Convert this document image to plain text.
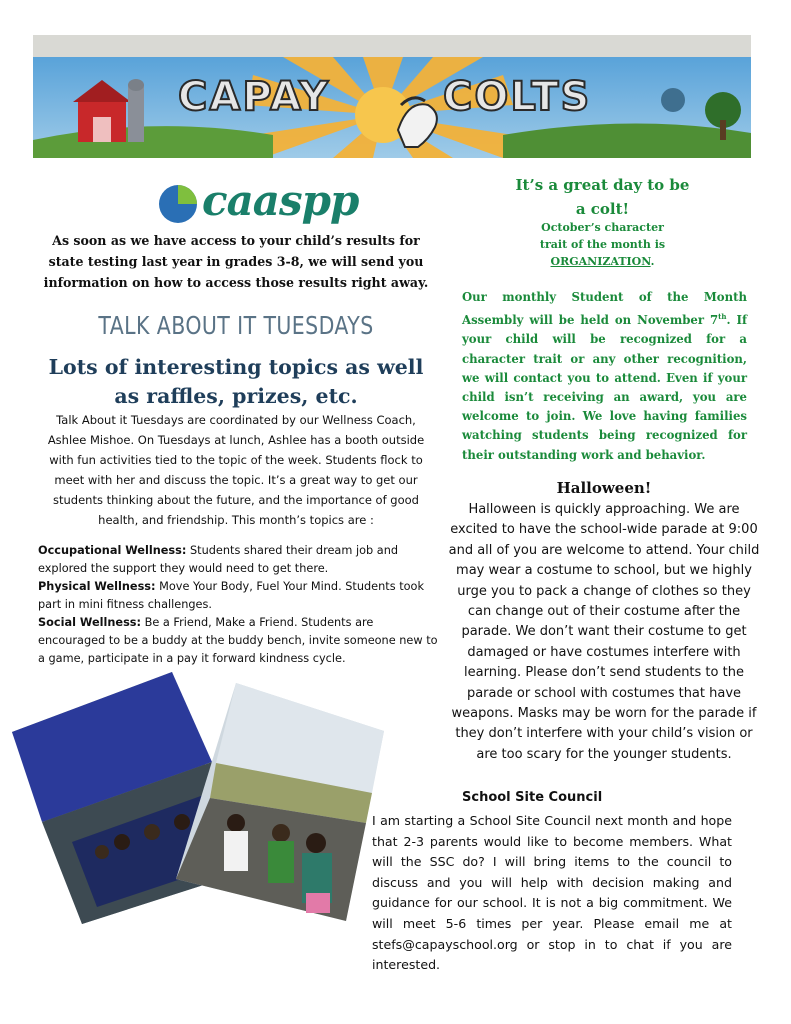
CAPAY	COLTS
caaspp
As soon as we have access to your child’s results for state testing last year in grades 3-8, we will send you information on how to access those results right away.
TALK ABOUT IT TUESDAYS
Lots of interesting topics as well as raffles, prizes, etc.
Talk About it Tuesdays are coordinated by our Wellness Coach, Ashlee Mishoe. On Tuesdays at lunch, Ashlee has a booth outside with fun activities tied to the topic of the week. Students flock to meet with her and discuss the topic. It’s a great way to get our students thinking about the future, and the importance of good health, and friendship. This month’s topics are :

Occupational Wellness: Students shared their dream job and explored the support they would need to get there.

Physical Wellness: Move Your Body, Fuel Your Mind. Students took part in mini fitness challenges.

Social Wellness: Be a Friend, Make a Friend. Students are encouraged to be a buddy at the buddy bench, invite someone new to a game, participate in a pay it forward kindness cycle.

It’s a great day to be
a colt!
October’s character
trait of the month is
ORGANIZATION.
Our monthly Student of the Month Assembly will be held on November 7th. If your child will be recognized for a character trait or any other recognition, we will contact you to attend. Even if your child isn’t receiving an award, you are welcome to join. We love having families watching students being recognized for their outstanding work and behavior.
Halloween!
Halloween is quickly approaching. We are excited to have the school-wide parade at 9:00 and all of you are welcome to attend. Your child may wear a costume to school, but we highly urge you to pack a change of clothes so they can change out of their costume after the parade. We don’t want their costume to get damaged or have costumes interfere with learning. Please don’t send students to the parade or school with costumes that have weapons. Masks may be worn for the parade if they don’t interfere with your child’s vision or are too scary for the younger students.
School Site Council
I am starting a School Site Council next month and hope that 2-3 parents would like to become members. What will the SSC do? I will bring items to the council to discuss and you will help with decision making and guidance for our school. It is not a big commitment. We will meet 5-6 times per year. Please email me at stefs@capayschool.org or stop in to chat if you are interested.
